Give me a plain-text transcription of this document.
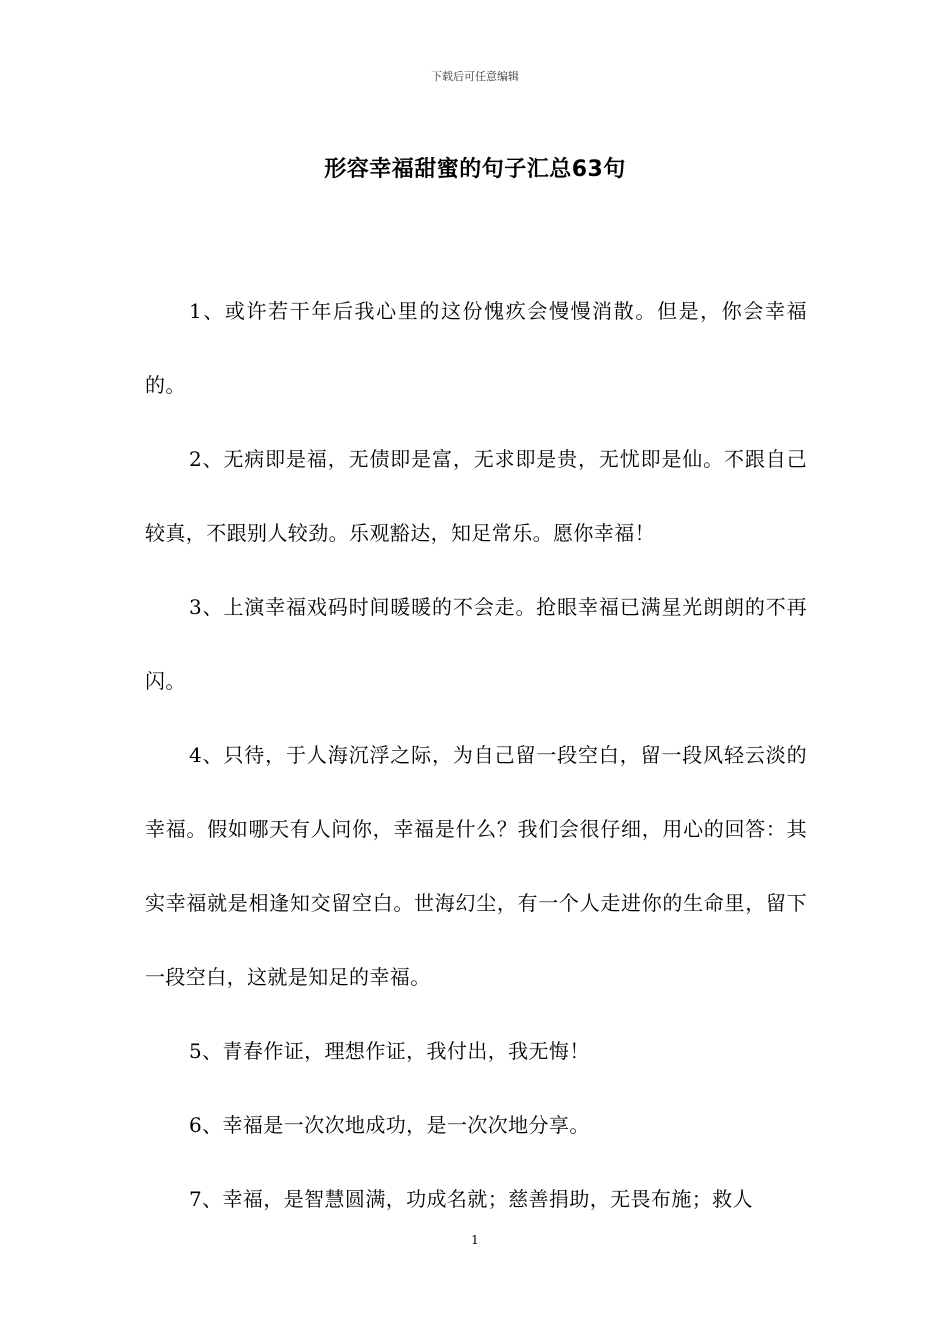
下载后可任意编辑
形容幸福甜蜜的句子汇总63句

1、或许若干年后我心里的这份愧疚会慢慢消散。但是，你会幸福的。

2、无病即是福，无债即是富，无求即是贵，无忧即是仙。不跟自己较真，不跟别人较劲。乐观豁达，知足常乐。愿你幸福！

3、上演幸福戏码时间暖暖的不会走。抢眼幸福已满星光朗朗的不再闪。

4、只待，于人海沉浮之际，为自己留一段空白，留一段风轻云淡的幸福。假如哪天有人问你，幸福是什么？我们会很仔细，用心的回答：其实幸福就是相逢知交留空白。世海幻尘，有一个人走进你的生命里，留下一段空白，这就是知足的幸福。

5、青春作证，理想作证，我付出，我无悔！

6、幸福是一次次地成功，是一次次地分享。

7、幸福，是智慧圆满，功成名就；慈善捐助，无畏布施；救人

1
